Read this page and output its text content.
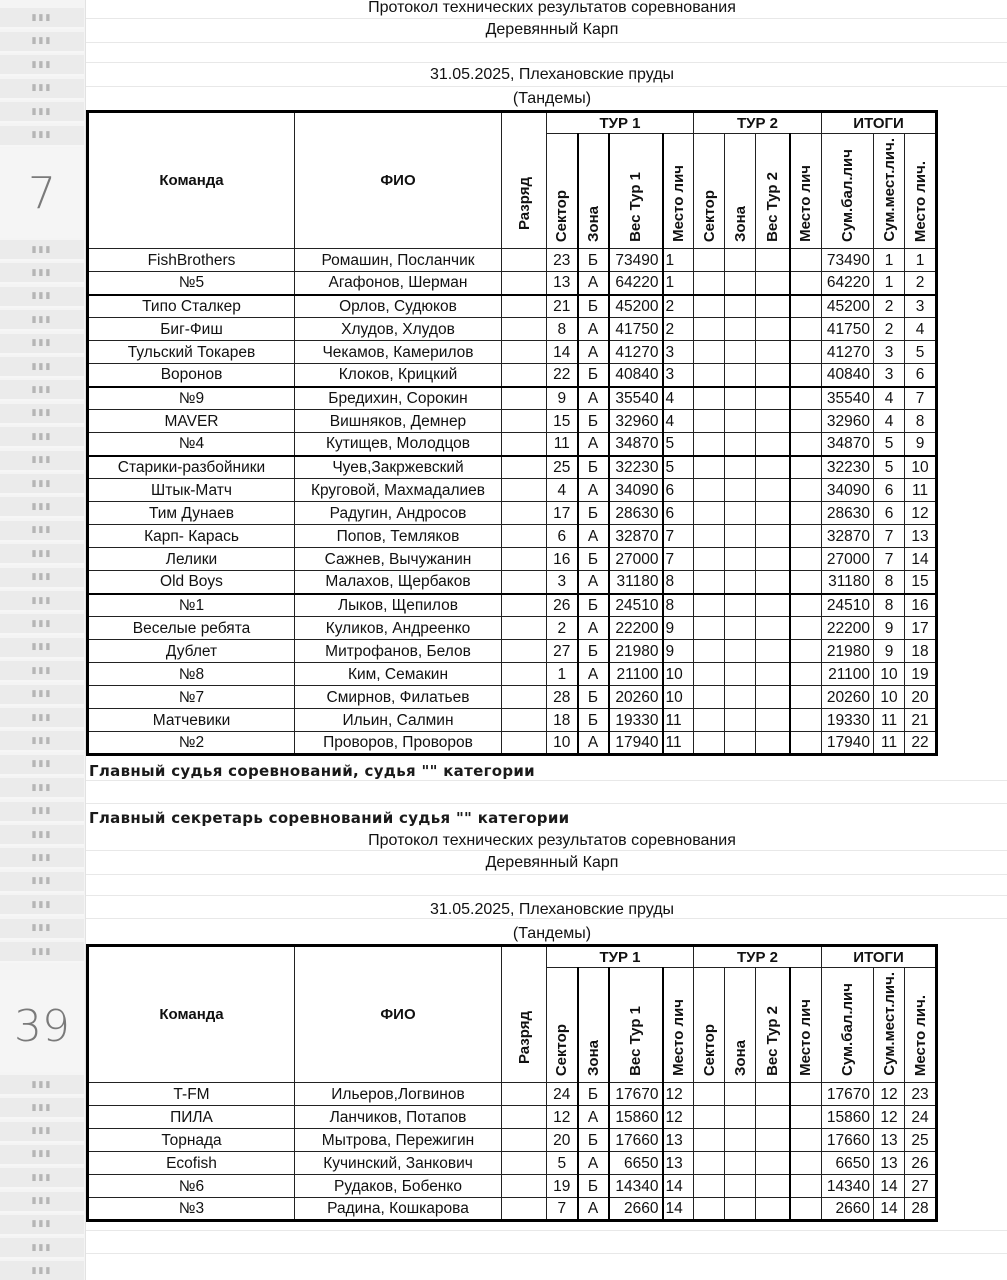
▮▮▮
▮▮▮
▮▮▮
▮▮▮
▮▮▮
▮▮▮
▮▮▮
▮▮▮
▮▮▮
▮▮▮
▮▮▮
▮▮▮
▮▮▮
▮▮▮
▮▮▮
▮▮▮
▮▮▮
▮▮▮
▮▮▮
▮▮▮
▮▮▮
▮▮▮
▮▮▮
▮▮▮
▮▮▮
▮▮▮
▮▮▮
▮▮▮
▮▮▮
▮▮▮
▮▮▮
▮▮▮
▮▮▮
▮▮▮
▮▮▮
▮▮▮
▮▮▮
▮▮▮
▮▮▮
▮▮▮
▮▮▮
▮▮▮
▮▮▮
▮▮▮
▮▮▮
▮▮▮
7
39
Протокол технических результатов соревнования
Деревянный Карп
31.05.2025, Плехановские пруды
(Тандемы)
Команда	ФИО	Разряд	ТУР 1				ТУР 2				ИТОГИ		

			Сектор	Зона	Вес Тур 1	Место лич	Сектор	Зона	Вес Тур 2	Место лич	Сум.бал.лич	Сум.мест.лич.	Место лич.

FishBrothers	Ромашин, Посланчик		23	Б	73490	1					73490	1	1
№5	Агафонов, Шерман		13	А	64220	1					64220	1	2
Типо Сталкер	Орлов, Судюков		21	Б	45200	2					45200	2	3
Биг-Фиш	Хлудов, Хлудов		8	А	41750	2					41750	2	4
Тульский Токарев	Чекамов, Камерилов		14	А	41270	3					41270	3	5
Воронов	Клоков, Крицкий		22	Б	40840	3					40840	3	6
№9	Бредихин, Сорокин		9	А	35540	4					35540	4	7
MAVER	Вишняков, Демнер		15	Б	32960	4					32960	4	8
№4	Кутищев, Молодцов		11	А	34870	5					34870	5	9
Старики-разбойники	Чуев,Закржевский		25	Б	32230	5					32230	5	10
Штык-Матч	Круговой, Махмадалиев		4	А	34090	6					34090	6	11
Тим Дунаев	Радугин, Андросов		17	Б	28630	6					28630	6	12
Карп- Карась	Попов, Темляков		6	А	32870	7					32870	7	13
Лелики	Сажнев, Вычужанин		16	Б	27000	7					27000	7	14
Old Boys	Малахов, Щербаков		3	А	31180	8					31180	8	15
№1	Лыков, Щепилов		26	Б	24510	8					24510	8	16
Веселые ребята	Куликов, Андреенко		2	А	22200	9					22200	9	17
Дублет	Митрофанов, Белов		27	Б	21980	9					21980	9	18
№8	Ким, Семакин		1	А	21100	10					21100	10	19
№7	Смирнов, Филатьев		28	Б	20260	10					20260	10	20
Матчевики	Ильин, Салмин		18	Б	19330	11					19330	11	21
№2	Проворов, Проворов		10	А	17940	11					17940	11	22
Главный судья соревнований, судья "" категории
Главный секретарь соревнований судья "" категории
Протокол технических результатов соревнования
Деревянный Карп
31.05.2025, Плехановские пруды
(Тандемы)
Команда	ФИО	Разряд	ТУР 1				ТУР 2				ИТОГИ		

			Сектор	Зона	Вес Тур 1	Место лич	Сектор	Зона	Вес Тур 2	Место лич	Сум.бал.лич	Сум.мест.лич.	Место лич.

T-FM	Ильеров,Логвинов		24	Б	17670	12					17670	12	23
ПИЛА	Ланчиков, Потапов		12	А	15860	12					15860	12	24
Торнада	Мытрова, Пережигин		20	Б	17660	13					17660	13	25
Ecofish	Кучинский, Занкович		5	А	6650	13					6650	13	26
№6	Рудаков, Бобенко		19	Б	14340	14					14340	14	27
№3	Радина, Кошкарова		7	А	2660	14					2660	14	28
